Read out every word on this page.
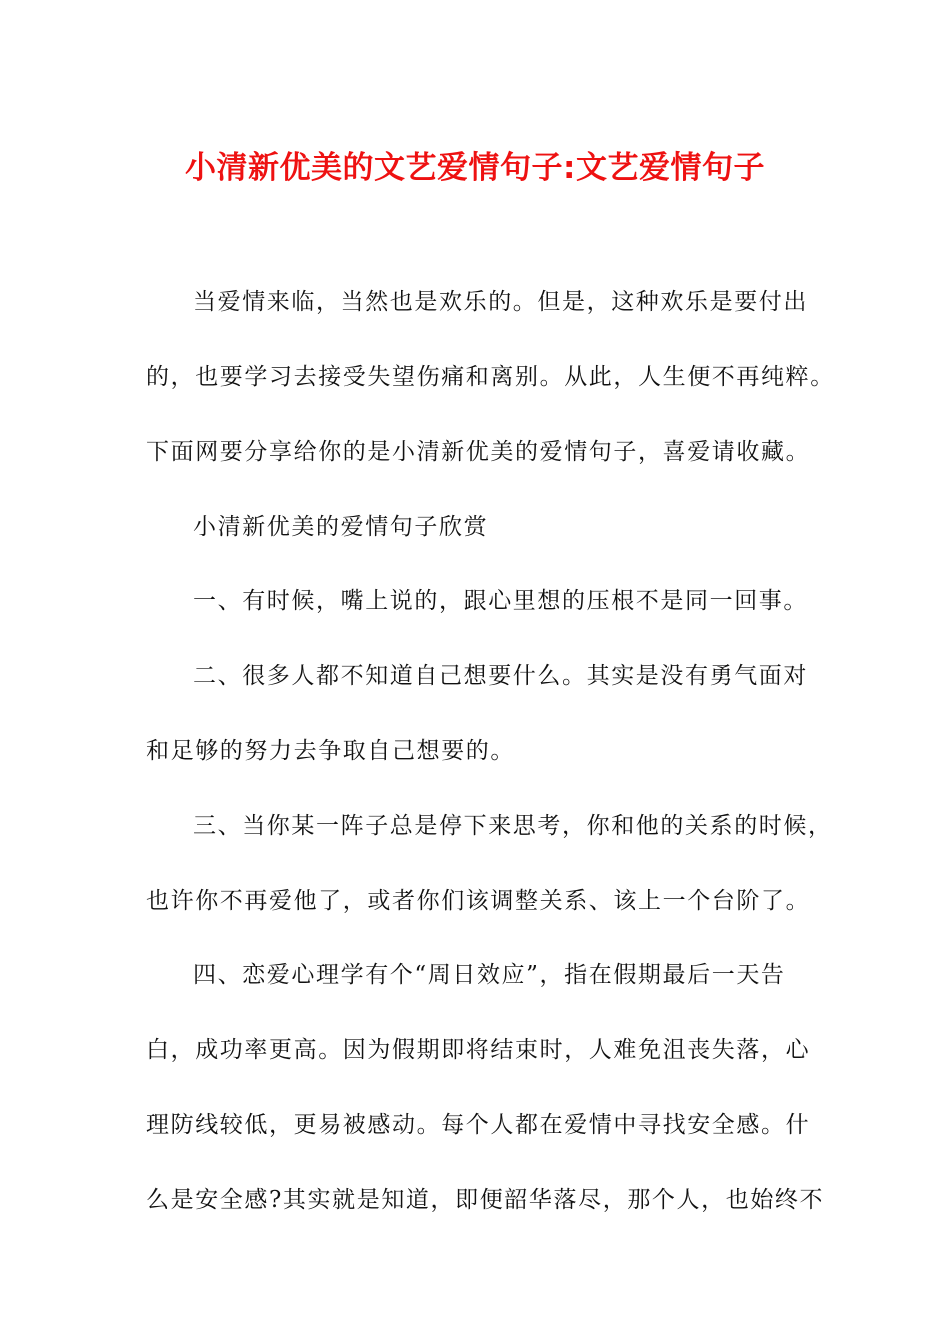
小清新优美的文艺爱情句子:文艺爱情句子

当爱情来临，当然也是欢乐的。但是，这种欢乐是要付出

的，也要学习去接受失望伤痛和离别。从此，人生便不再纯粹。

下面网要分享给你的是小清新优美的爱情句子，喜爱请收藏。

小清新优美的爱情句子欣赏

一、有时候，嘴上说的，跟心里想的压根不是同一回事。

二、很多人都不知道自己想要什么。其实是没有勇气面对

和足够的努力去争取自己想要的。

三、当你某一阵子总是停下来思考，你和他的关系的时候，

也许你不再爱他了，或者你们该调整关系、该上一个台阶了。

四、恋爱心理学有个“周日效应”，指在假期最后一天告

白，成功率更高。因为假期即将结束时，人难免沮丧失落，心

理防线较低，更易被感动。每个人都在爱情中寻找安全感。什

么是安全感?其实就是知道，即便韶华落尽，那个人，也始终不
